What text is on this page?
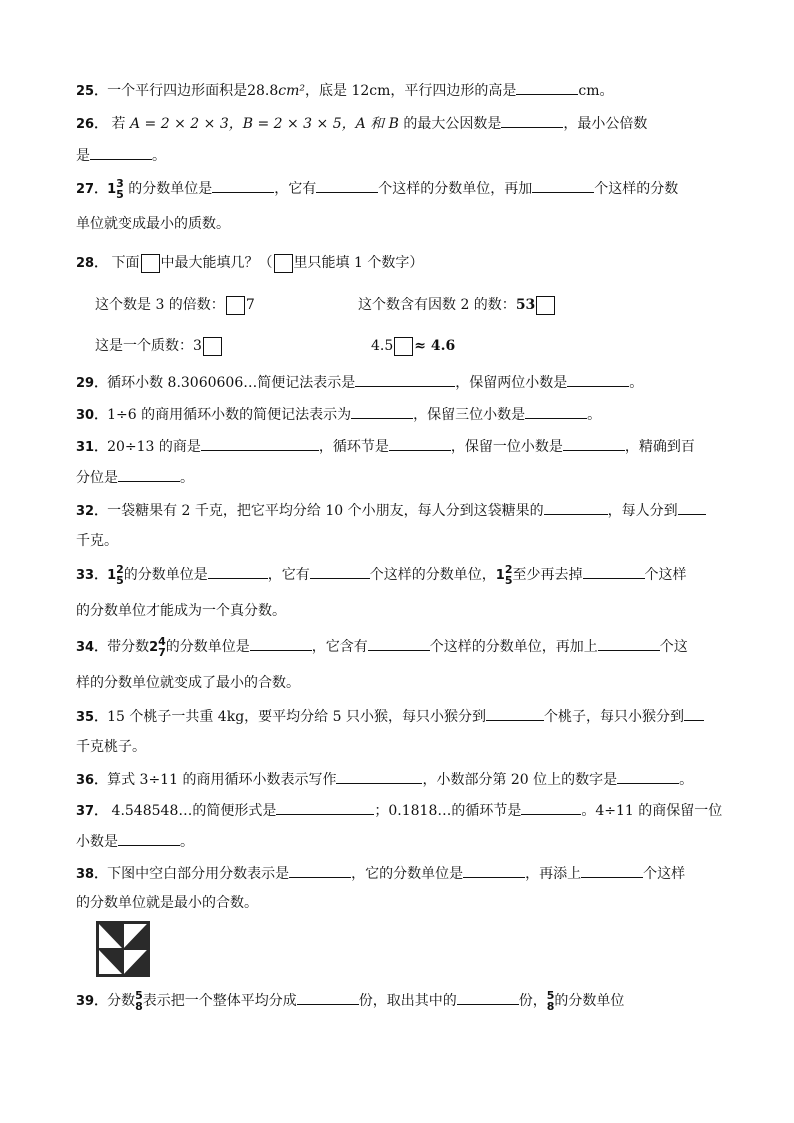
25．一个平行四边形面积是28.8cm²，底是 12cm，平行四边形的高是	cm。
26． 若 A = 2 × 2 × 3，B = 2 × 3 × 5，A 和 B 的最大公因数是	，最小公倍数
是	。
27．1 3
5 的分数单位是	，它有	个这样的分数单位，再加	个这样的分数
单位就变成最小的质数。
28． 下面 中最大能填几？（ 里只能填 1 个数字）
这个数是 3 的倍数： 7	这个数含有因数 2 的数：53
这是一个质数：3	4.5 ≈ 4.6
29．循环小数 8.3060606…简便记法表示是	，保留两位小数是	。
30．1÷6 的商用循环小数的简便记法表示为	，保留三位小数是	。
31．20÷13 的商是	，循环节是	，保留一位小数是	，精确到百
分位是	。
32．一袋糖果有 2 千克，把它平均分给 10 个小朋友，每人分到这袋糖果的	，每人分到
千克。
33．1 2
5 的分数单位是	，它有	个这样的分数单位，1 2
5 至少再去掉	个这样
的分数单位才能成为一个真分数。
34．带分数2 4
7 的分数单位是	，它含有	个这样的分数单位，再加上	个这
样的分数单位就变成了最小的合数。
35．15 个桃子一共重 4kg，要平均分给 5 只小猴，每只小猴分到	个桃子，每只小猴分到
千克桃子。
36．算式 3÷11 的商用循环小数表示写作	，小数部分第 20 位上的数字是	。
37． 4.548548…的简便形式是	；0.1818…的循环节是	。4÷11 的商保留一位
小数是	。
38．下图中空白部分用分数表示是	，它的分数单位是	，再添上	个这样
的分数单位就是最小的合数。
39．分数 5
8 表示把一个整体平均分成	份，取出其中的	份， 5
8 的分数单位
